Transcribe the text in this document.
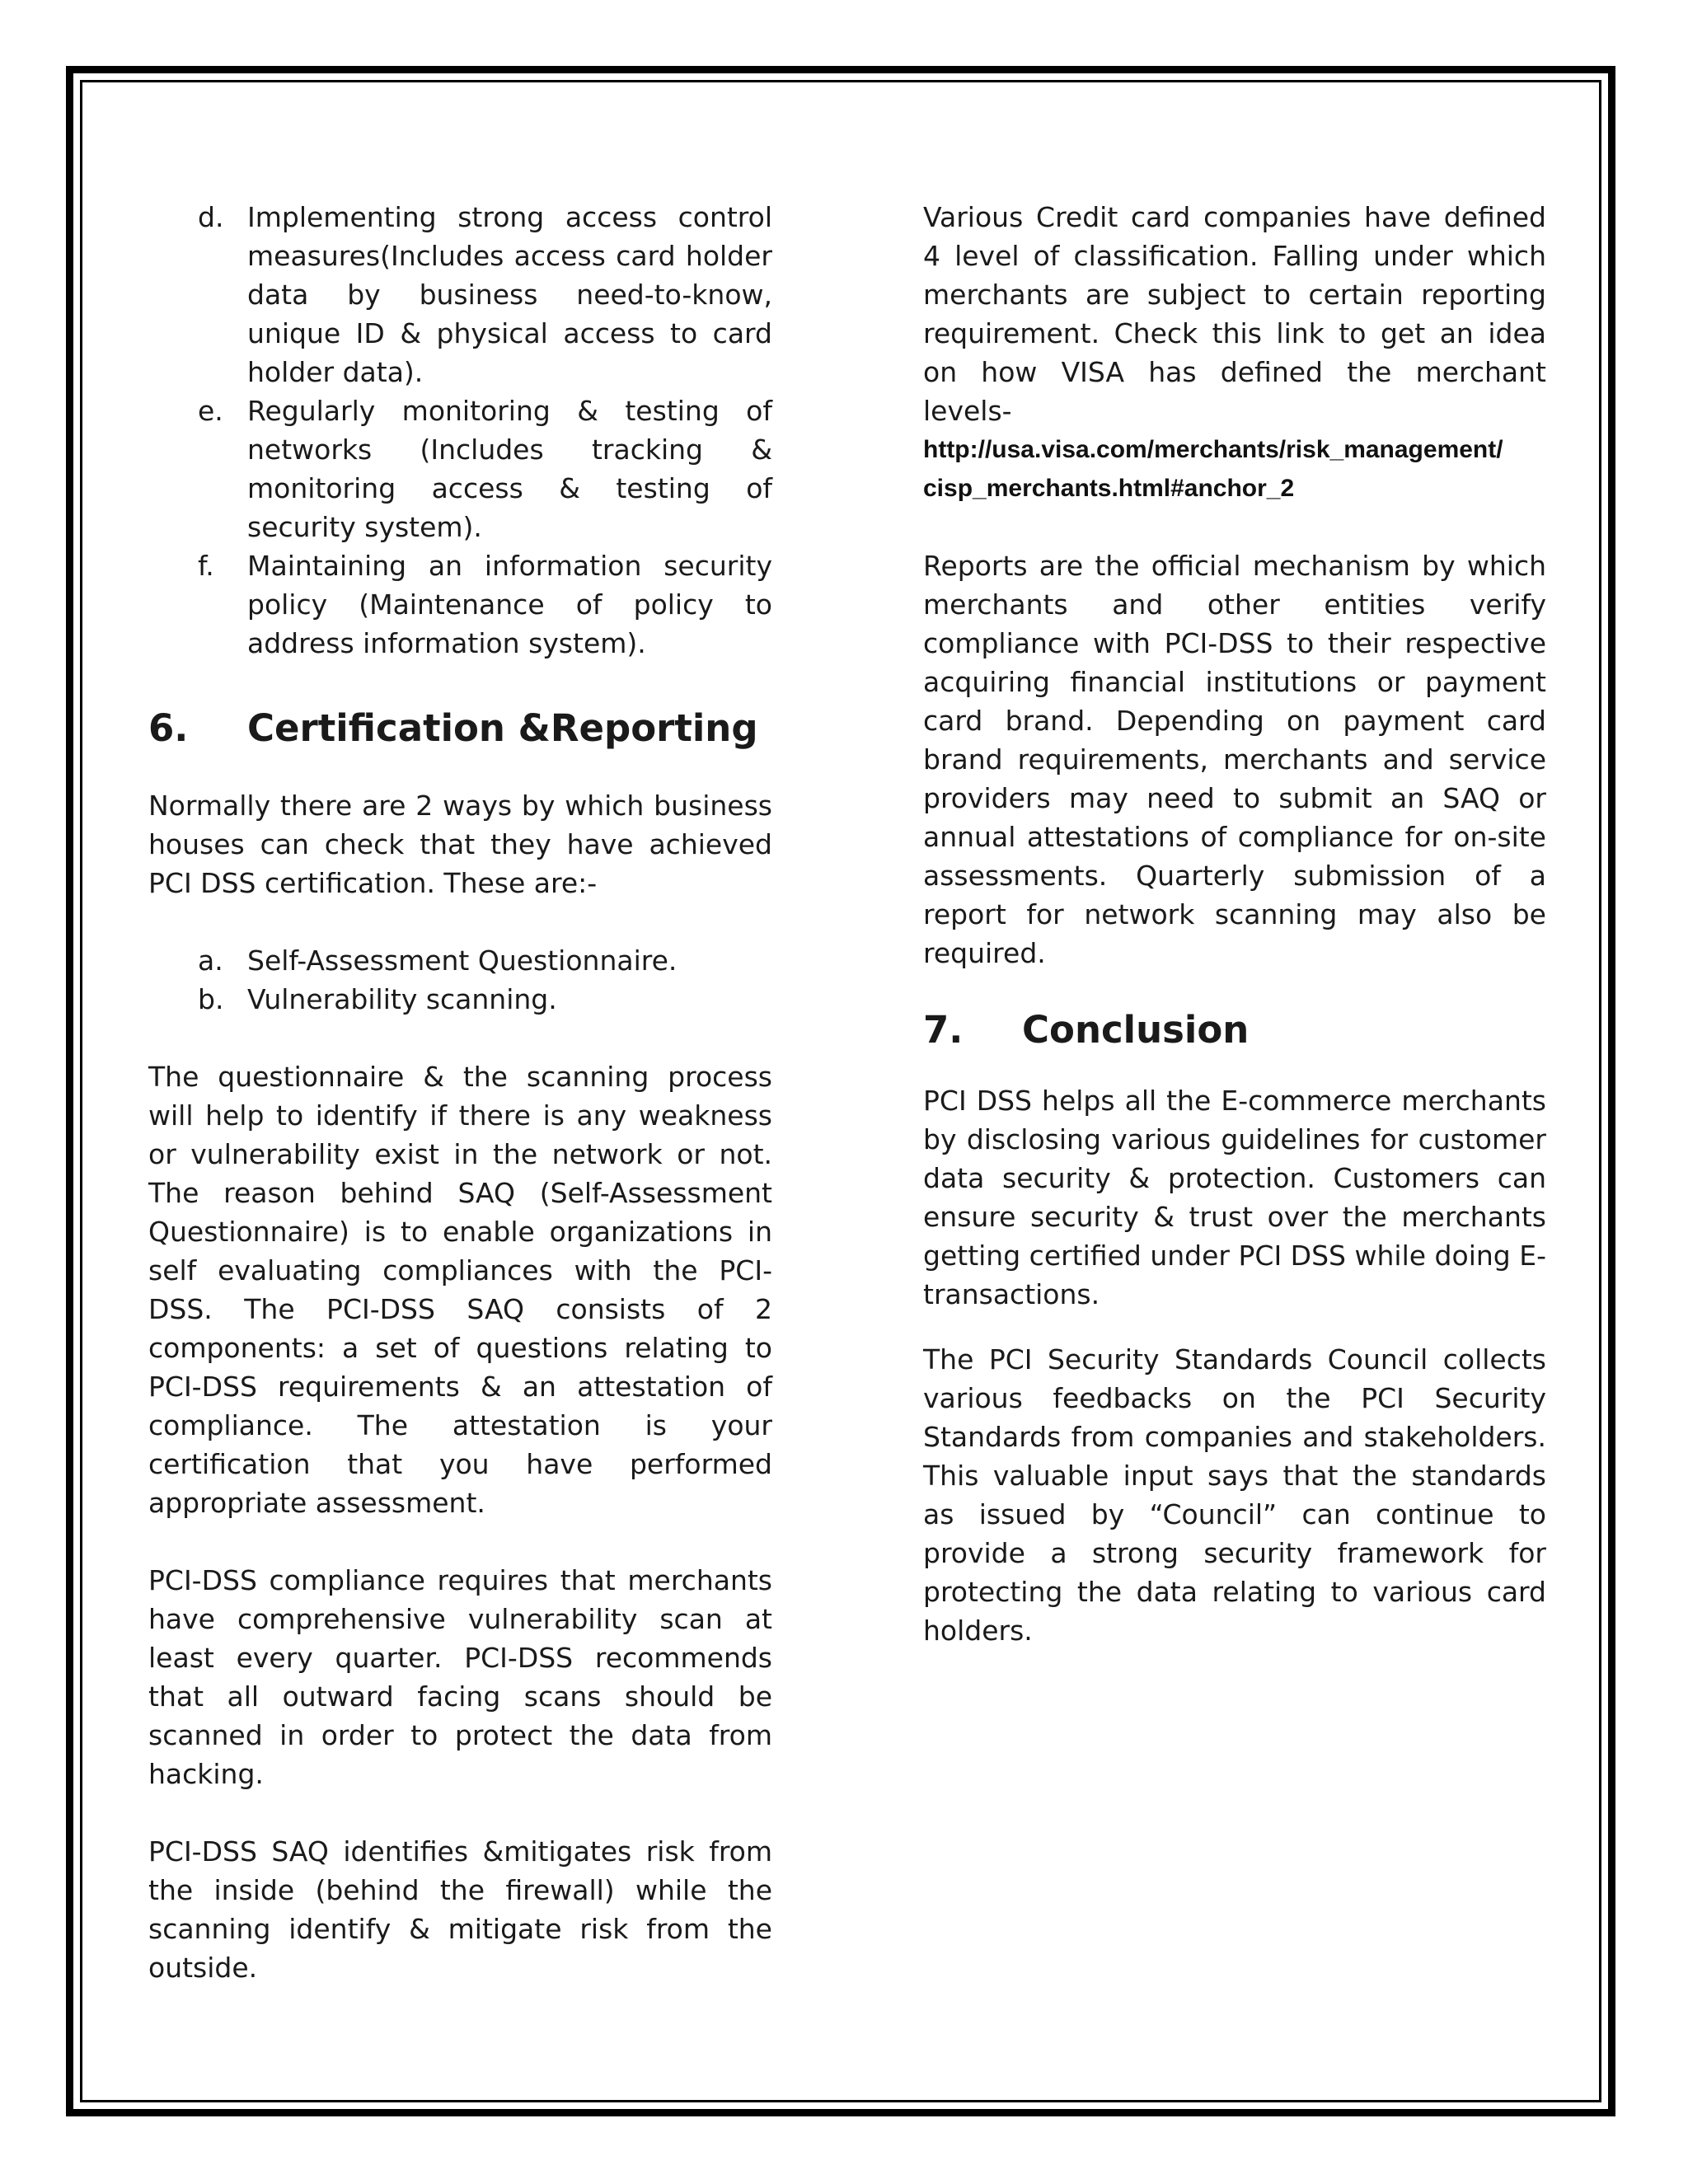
d. Implementing strong access control measures(Includes access card holder data by business need-to-know, unique ID & physical access to card holder data).
e. Regularly monitoring & testing of networks (Includes tracking & monitoring access & testing of security system).
f. Maintaining an information security policy (Maintenance of policy to address information system).
6.	Certification &Reporting

Normally there are 2 ways by which business houses can check that they have achieved PCI DSS certification. These are:-

a. Self-Assessment Questionnaire.
b. Vulnerability scanning.

The questionnaire & the scanning process will help to identify if there is any weakness or vulnerability exist in the network or not. The reason behind SAQ (Self-Assessment Questionnaire) is to enable organizations in self evaluating compliances with the PCI-DSS. The PCI-DSS SAQ consists of 2 components: a set of questions relating to PCI-DSS requirements & an attestation of compliance. The attestation is your certification that you have performed appropriate assessment.

PCI-DSS compliance requires that merchants have comprehensive vulnerability scan at least every quarter. PCI-DSS recommends that all outward facing scans should be scanned in order to protect the data from hacking.

PCI-DSS SAQ identifies &mitigates risk from the inside (behind the firewall) while the scanning identify & mitigate risk from the outside.

Various Credit card companies have defined 4 level of classification. Falling under which merchants are subject to certain reporting requirement. Check this link to get an idea on how VISA has defined the merchant levels-

http://usa.visa.com/merchants/risk_management/
cisp_merchants.html#anchor_2

Reports are the official mechanism by which merchants and other entities verify compliance with PCI-DSS to their respective acquiring financial institutions or payment card brand. Depending on payment card brand requirements, merchants and service providers may need to submit an SAQ or annual attestations of compliance for on-site assessments. Quarterly submission of a report for network scanning may also be required.

7.	Conclusion

PCI DSS helps all the E-commerce merchants by disclosing various guidelines for customer data security & protection. Customers can ensure security & trust over the merchants getting certified under PCI DSS while doing E-transactions.

The PCI Security Standards Council collects various feedbacks on the PCI Security Standards from companies and stakeholders. This valuable input says that the standards as issued by “Council” can continue to provide a strong security framework for protecting the data relating to various card holders.
